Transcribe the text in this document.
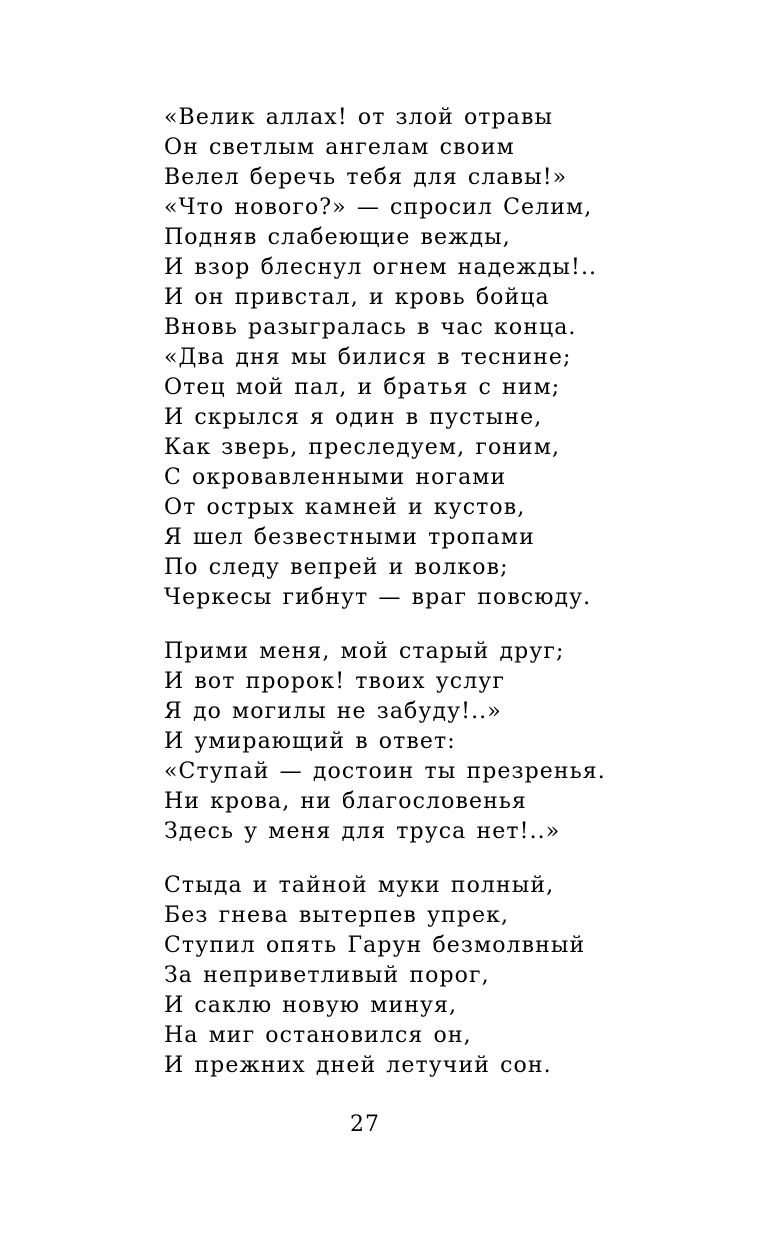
«Велик аллах! от злой отравы
Он светлым ангелам своим
Велел беречь тебя для славы!»
«Что нового?» — спросил Селим,
Подняв слабеющие вежды,
И взор блеснул огнем надежды!..
И он привстал, и кровь бойца
Вновь разыгралась в час конца.
«Два дня мы билися в теснине;
Отец мой пал, и братья с ним;
И скрылся я один в пустыне,
Как зверь, преследуем, гоним,
С окровавленными ногами
От острых камней и кустов,
Я шел безвестными тропами
По следу вепрей и волков;
Черкесы гибнут — враг повсюду.
Прими меня, мой старый друг;
И вот пророк! твоих услуг
Я до могилы не забуду!..»
И умирающий в ответ:
«Ступай — достоин ты презренья.
Ни крова, ни благословенья
Здесь у меня для труса нет!..»
Стыда и тайной муки полный,
Без гнева вытерпев упрек,
Ступил опять Гарун безмолвный
За неприветливый порог,
И саклю новую минуя,
На миг остановился он,
И прежних дней летучий сон.
27
